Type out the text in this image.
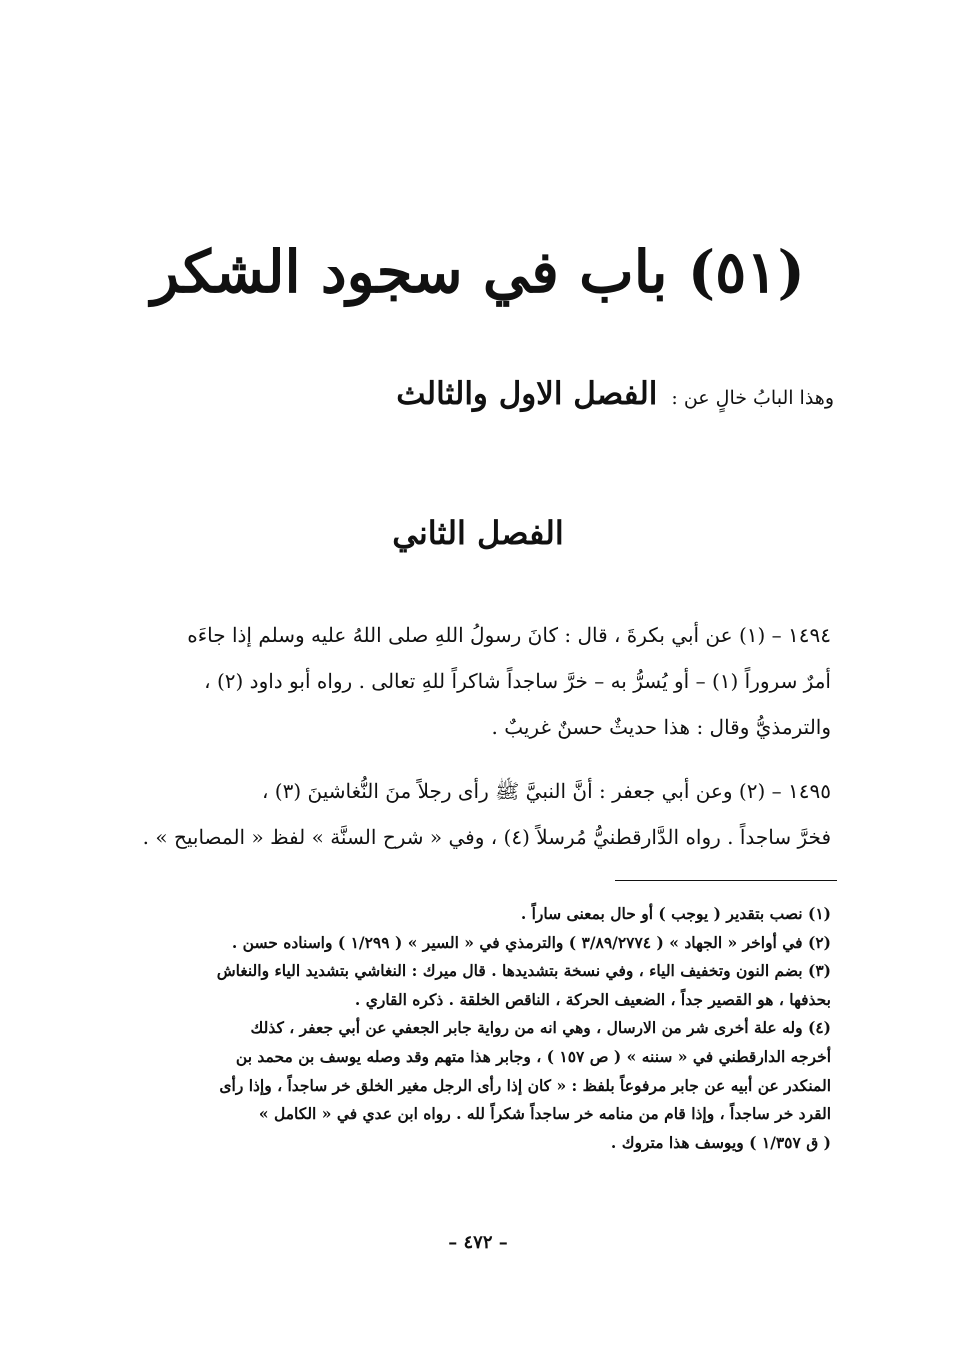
(٥١) باب في سجود الشكر
وهذا البابُ خالٍ عن :الفصل الاول والثالث
الفصل الثاني
١٤٩٤ – (١) عن أبي بكرةَ ، قال : كانَ رسولُ اللهِ صلى اللهُ عليه وسلم إذا جاءَه
أمرٌ سروراً (١) – أو يُسرُّ به – خرَّ ساجداً شاكراً للهِ تعالى . رواه أبو داود (٢) ،
والترمذيُّ وقال : هذا حديثٌ حسنٌ غريبٌ .
١٤٩٥ – (٢) وعن أبي جعفر : أنَّ النبيَّ ﷺ رأى رجلاً منَ النُّغاشينَ (٣) ،
فخرَّ ساجداً . رواه الدَّارقطنيُّ مُرسلاً (٤) ، وفي « شرح السنَّة » لفظ « المصابيح » .
(١) نصب بتقدير ( يوجب ) أو حال بمعنى ساراً .
(٢) في أواخر « الجهاد » ( ٣/٨٩/٢٧٧٤ ) والترمذي في « السير » ( ١/٢٩٩ ) واسناده حسن .
(٣) بضم النون وتخفيف الياء ، وفي نسخة بتشديدها . قال ميرك : النغاشي بتشديد الياء والنغاش
بحذفها ، هو القصير جداً ، الضعيف الحركة ، الناقص الخلقة . ذكره القاري .
(٤) وله علة أخرى شر من الارسال ، وهي انه من رواية جابر الجعفي عن أبي جعفر ، كذلك
أخرجه الدارقطني في « سننه » ( ص ١٥٧ ) ، وجابر هذا متهم وقد وصله يوسف بن محمد بن
المنكدر عن أبيه عن جابر مرفوعاً بلفظ : « كان إذا رأى الرجل مغير الخلق خر ساجداً ، وإذا رأى
القرد خر ساجداً ، وإذا قام من منامه خر ساجداً شكراً لله . رواه ابن عدي في « الكامل »
( ق ١/٣٥٧ ) ويوسف هذا متروك .
– ٤٧٢ –
